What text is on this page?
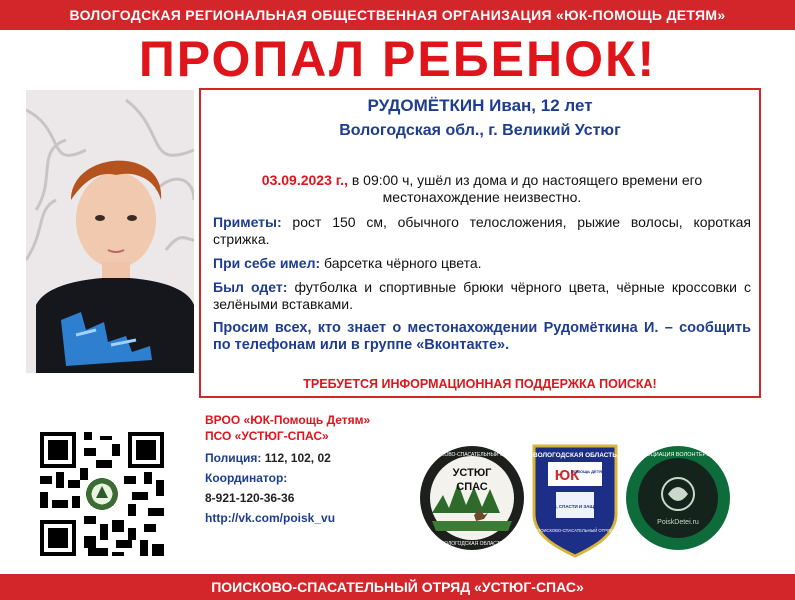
ВОЛОГОДСКАЯ РЕГИОНАЛЬНАЯ ОБЩЕСТВЕННАЯ ОРГАНИЗАЦИЯ «ЮК-ПОМОЩЬ ДЕТЯМ»
ПРОПАЛ РЕБЕНОК!
РУДОМЁТКИН Иван, 12 лет
Вологодская обл., г. Великий Устюг
03.09.2023 г., в 09:00 ч, ушёл из дома и до настоящего времени его местонахождение неизвестно.
Приметы: рост 150 см, обычного телосложения, рыжие волосы, короткая стрижка.
При себе имел: барсетка чёрного цвета.
Был одет: футболка и спортивные брюки чёрного цвета, чёрные кроссовки с зелёными вставками.
Просим всех, кто знает о местонахождении Рудомёткина И. – сообщить по телефонам или в группе «Вконтакте».
ТРЕБУЕТСЯ ИНФОРМАЦИОННАЯ ПОДДЕРЖКА ПОИСКА!
ВРОО «ЮК-Помощь Детям»
ПСО «УСТЮГ-СПАС»
Полиция: 112, 102, 02
Координатор:
8-921-120-36-36
http://vk.com/poisk_vu
УСТЮГ
СПАС
ПОИСКОВО-СПАСАТЕЛЬНЫЙ ОТРЯД
ВОЛОГОДСКАЯ ОБЛАСТЬ
ВОЛОГОДСКАЯ ОБЛАСТЬ
ЮК
ПОМОЩЬ ДЕТЯМ
НАЙТИ, СПАСТИ И ЗАЩИТИТЬ
ПОИСКОВО-СПАСАТЕЛЬНЫЙ ОТРЯД
PoiskDetei.ru
АССОЦИАЦИЯ ВОЛОНТЕРСКИХ
ПОИСКОВО-СПАСАТЕЛЬНЫЙ ОТРЯД «УСТЮГ-СПАС»
